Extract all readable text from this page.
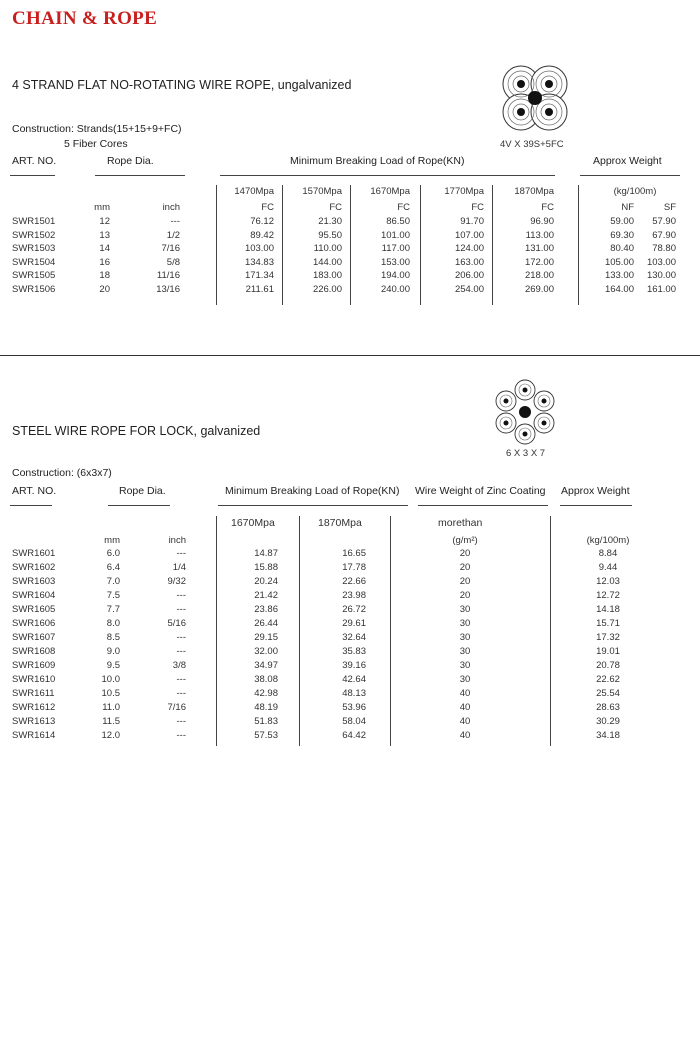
CHAIN & ROPE
4 STRAND FLAT NO-ROTATING WIRE ROPE, ungalvanized
4V X 39S+5FC
Construction: Strands(15+15+9+FC)
5 Fiber Cores
ART. NO.	Rope Dia.	Minimum Breaking Load of Rope(KN)	Approx Weight
1470Mpa	1570Mpa	1670Mpa	1770Mpa	1870Mpa	(kg/100m)
mm	inch	FC	FC	FC	FC	FC	NF	SF
SWR1501	12	---	76.12	21.30	86.50	91.70	96.90	59.00	57.90
SWR1502	13	1/2	89.42	95.50	101.00	107.00	113.00	69.30	67.90
SWR1503	14	7/16	103.00	110.00	117.00	124.00	131.00	80.40	78.80
SWR1504	16	5/8	134.83	144.00	153.00	163.00	172.00	105.00	103.00
SWR1505	18	11/16	171.34	183.00	194.00	206.00	218.00	133.00	130.00
SWR1506	20	13/16	211.61	226.00	240.00	254.00	269.00	164.00	161.00
6 X 3 X 7
STEEL WIRE ROPE FOR LOCK, galvanized
Construction: (6x3x7)
ART. NO.	Rope Dia.	Minimum Breaking Load of Rope(KN) Wire Weight of Zinc Coating Approx Weight
1670Mpa	1870Mpa	morethan
mm	inch	(g/m²)	(kg/100m)
SWR1601	6.0	---	14.87	16.65	20	8.84
SWR1602	6.4	1/4	15.88	17.78	20	9.44
SWR1603	7.0	9/32	20.24	22.66	20	12.03
SWR1604	7.5	---	21.42	23.98	20	12.72
SWR1605	7.7	---	23.86	26.72	30	14.18
SWR1606	8.0	5/16	26.44	29.61	30	15.71
SWR1607	8.5	---	29.15	32.64	30	17.32
SWR1608	9.0	---	32.00	35.83	30	19.01
SWR1609	9.5	3/8	34.97	39.16	30	20.78
SWR1610	10.0	---	38.08	42.64	30	22.62
SWR1611	10.5	---	42.98	48.13	40	25.54
SWR1612	11.0	7/16	48.19	53.96	40	28.63
SWR1613	11.5	---	51.83	58.04	40	30.29
SWR1614	12.0	---	57.53	64.42	40	34.18
